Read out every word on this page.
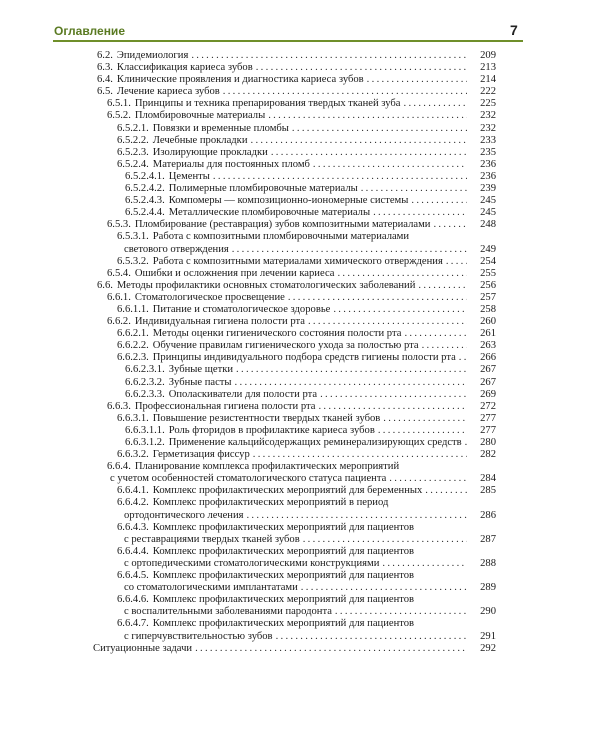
Оглавление	7
209
6.2. Эпидемиология
.....
213
6.3. Классификация кариеса зубов
.....
214
6.4. Клинические проявления и диагностика кариеса зубов
.....
222
6.5. Лечение кариеса зубов
.....
225
6.5.1. Принципы и техника препарирования твердых тканей зуба
.....
232
6.5.2. Пломбировочные материалы
.....
232
6.5.2.1. Повязки и временные пломбы
.....
233
6.5.2.2. Лечебные прокладки
.....
235
6.5.2.3. Изолирующие прокладки
.....
236
6.5.2.4. Материалы для постоянных пломб
.....
236
6.5.2.4.1. Цементы
.....
239
6.5.2.4.2. Полимерные пломбировочные материалы
.....
245
6.5.2.4.3. Компомеры — композиционно-иономерные системы
.....
245
6.5.2.4.4. Металлические пломбировочные материалы
.....
248
6.5.3. Пломбирование (реставрация) зубов композитными материалами
.....
6.5.3.1. Работа с композитными пломбировочными материалами
249
светового отверждения
.....
254
6.5.3.2. Работа с композитными материалами химического отверждения
.....
255
6.5.4. Ошибки и осложнения при лечении кариеса
.....
256
6.6. Методы профилактики основных стоматологических заболеваний
.....
257
6.6.1. Стоматологическое просвещение
.....
258
6.6.1.1. Питание и стоматологическое здоровье
.....
260
6.6.2. Индивидуальная гигиена полости рта
.....
261
6.6.2.1. Методы оценки гигиенического состояния полости рта
.....
263
6.6.2.2. Обучение правилам гигиенического ухода за полостью рта
.....
266
6.6.2.3. Принципы индивидуального подбора средств гигиены полости рта
.....
267
6.6.2.3.1. Зубные щетки
.....
267
6.6.2.3.2. Зубные пасты
.....
269
6.6.2.3.3. Ополаскиватели для полости рта
.....
272
6.6.3. Профессиональная гигиена полости рта
.....
277
6.6.3.1. Повышение резистентности твердых тканей зубов
.....
277
6.6.3.1.1. Роль фторидов в профилактике кариеса зубов
.....
280
6.6.3.1.2. Применение кальцийсодержащих реминерализирующих средств
.....
282
6.6.3.2. Герметизация фиссур
.....
6.6.4. Планирование комплекса профилактических мероприятий
284
с учетом особенностей стоматологического статуса пациента
.....
285
6.6.4.1. Комплекс профилактических мероприятий для беременных
.....
6.6.4.2. Комплекс профилактических мероприятий в период
286
ортодонтического лечения
.....
6.6.4.3. Комплекс профилактических мероприятий для пациентов
287
с реставрациями твердых тканей зубов
.....
6.6.4.4. Комплекс профилактических мероприятий для пациентов
288
с ортопедическими стоматологическими конструкциями
.....
6.6.4.5. Комплекс профилактических мероприятий для пациентов
289
со стоматологическими имплантатами
.....
6.6.4.6. Комплекс профилактических мероприятий для пациентов
290
с воспалительными заболеваниями пародонта
.....
6.6.4.7. Комплекс профилактических мероприятий для пациентов
291
с гиперчувствительностью зубов
.....
292
Ситуационные задачи
.....
